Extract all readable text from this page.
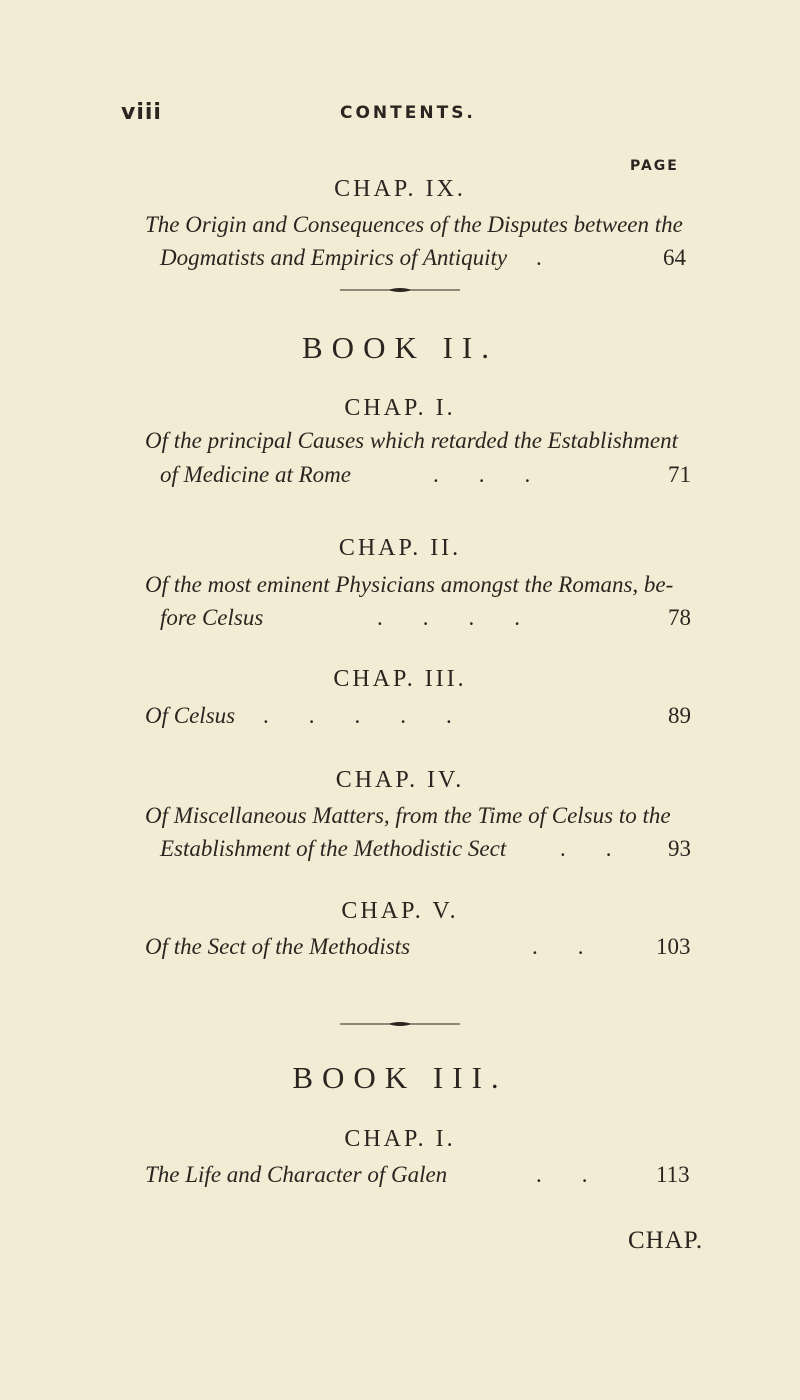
viii	CONTENTS.
PAGE
CHAP. IX.
The Origin and Consequences of the Disputes between the
Dogmatists and Empirics of Antiquity .	64
BOOK II.
CHAP. I.
Of the principal Causes which retarded the Establishment
of Medicine at Rome	...	71
CHAP. II.
Of the most eminent Physicians amongst the Romans, be-
fore Celsus	....	78
CHAP. III.
Of Celsus .....	89
CHAP. IV.
Of Miscellaneous Matters, from the Time of Celsus to the
Establishment of the Methodistic Sect .. 93
CHAP. V.
Of the Sect of the Methodists	.. 103
BOOK III.
CHAP. I.
The Life and Character of Galen	.. 113
CHAP.
